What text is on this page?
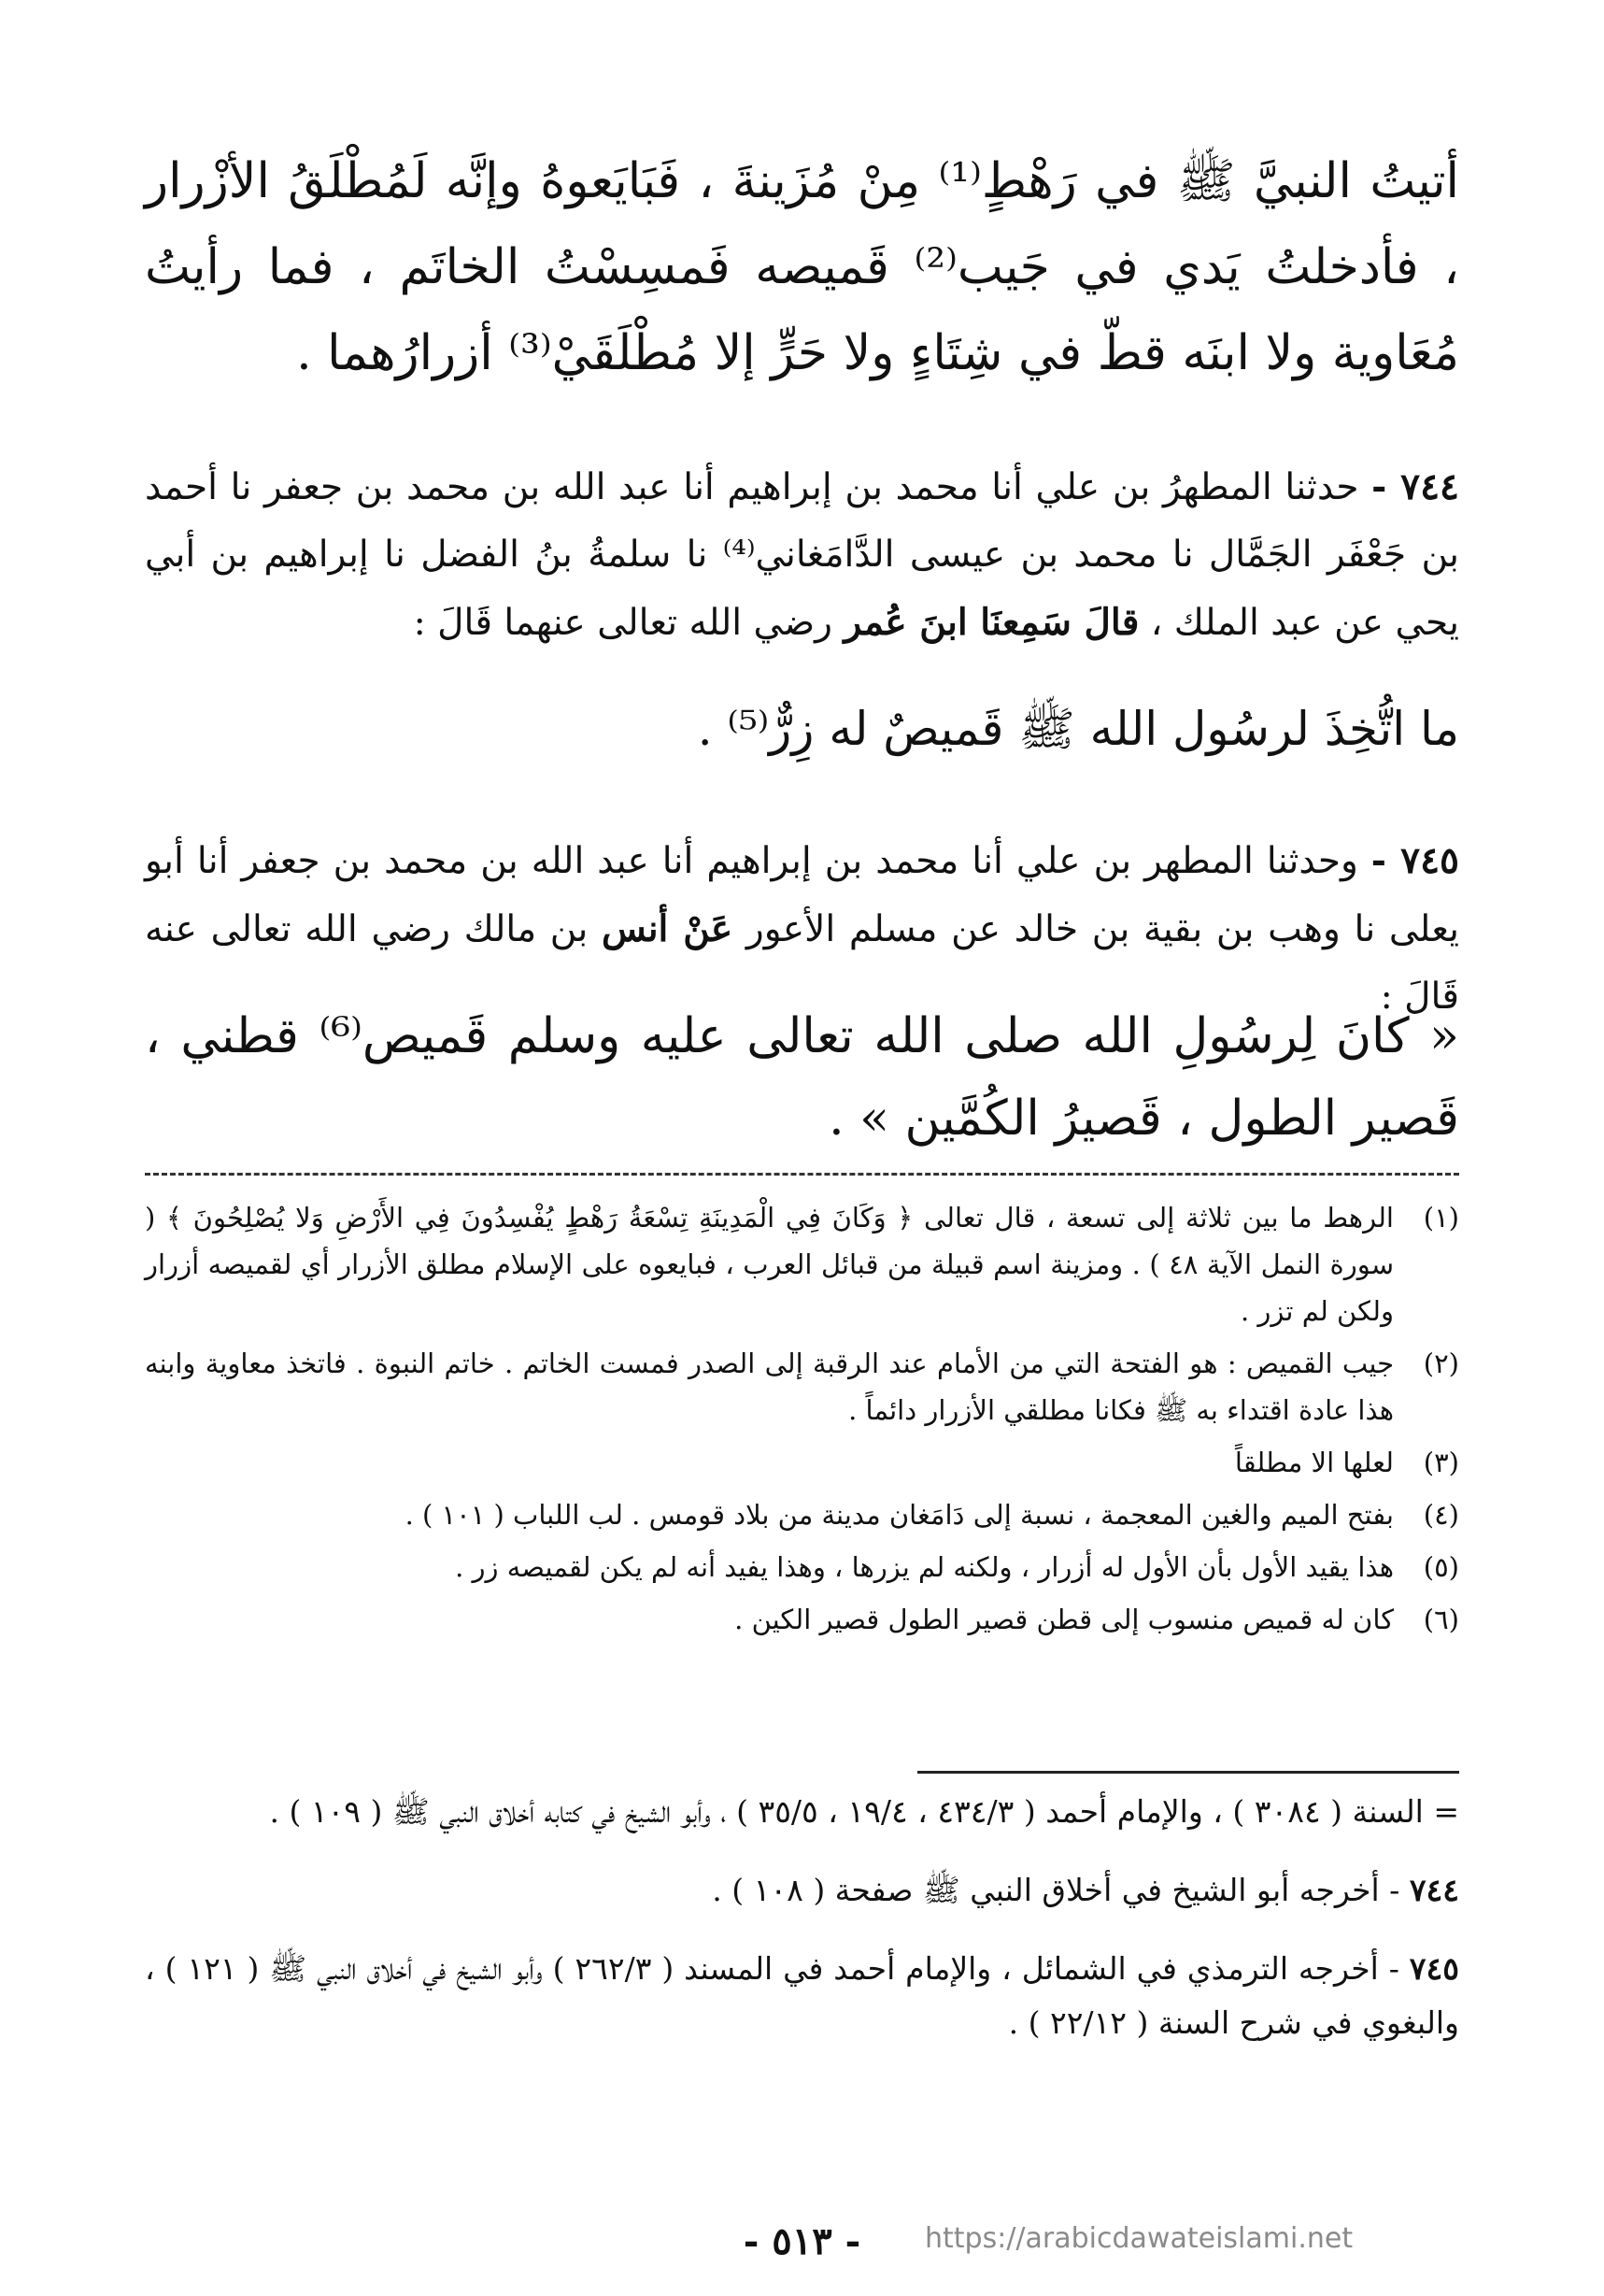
أتيتُ النبيَّ ﷺ في رَهْطٍ⁽¹⁾ مِنْ مُزَينةَ ، فَبَايَعوهُ وإنَّه لَمُطْلَقُ الأزْرار ، فأدخلتُ يَدي في جَيب⁽²⁾ قَميصه فَمسِسْتُ الخاتَم ، فما رأيتُ مُعَاوية ولا ابنَه قطّ في شِتَاءٍ ولا حَرٍّ إلا مُطْلَقَيْ⁽³⁾ أزرارُهما .
٧٤٤ - حدثنا المطهرُ بن علي أنا محمد بن إبراهيم أنا عبد الله بن محمد بن جعفر نا أحمد بن جَعْفَر الجَمَّال نا محمد بن عيسى الدَّامَغاني⁽⁴⁾ نا سلمةُ بنُ الفضل نا إبراهيم بن أبي يحي عن عبد الملك ، قالَ سَمِعنَا ابنَ عُمر رضي الله تعالى عنهما قَالَ :
ما اتُّخِذَ لرسُول الله ﷺ قَميصٌ له زِرٌّ⁽⁵⁾ .
٧٤٥ - وحدثنا المطهر بن علي أنا محمد بن إبراهيم أنا عبد الله بن محمد بن جعفر أنا أبو يعلى نا وهب بن بقية بن خالد عن مسلم الأعور عَنْ أنس بن مالك رضي الله تعالى عنه قَالَ :
« كانَ لِرسُولِ الله صلى الله تعالى عليه وسلم قَميص⁽⁶⁾ قطني ، قَصير الطول ، قَصيرُ الكُمَّين » .
(١)
الرهط ما بين ثلاثة إلى تسعة ، قال تعالى ﴿ وَكَانَ فِي الْمَدِينَةِ تِسْعَةُ رَهْطٍ يُفْسِدُونَ فِي الأَرْضِ وَلا يُصْلِحُونَ ﴾ ( سورة النمل الآية ٤٨ ) . ومزينة اسم قبيلة من قبائل العرب ، فبايعوه على الإسلام مطلق الأزرار أي لقميصه أزرار ولكن لم تزر .
(٢)
جيب القميص : هو الفتحة التي من الأمام عند الرقبة إلى الصدر فمست الخاتم . خاتم النبوة . فاتخذ معاوية وابنه هذا عادة اقتداء به ﷺ فكانا مطلقي الأزرار دائماً .
(٣)
لعلها الا مطلقاً
(٤)
بفتح الميم والغين المعجمة ، نسبة إلى دَامَغان مدينة من بلاد قومس . لب اللباب ( ١٠١ ) .
(٥)
هذا يقيد الأول بأن الأول له أزرار ، ولكنه لم يزرها ، وهذا يفيد أنه لم يكن لقميصه زر .
(٦)
كان له قميص منسوب إلى قطن قصير الطول قصير الكين .
= السنة ( ٣٠٨٤ ) ، والإمام أحمد ( ٤٣٤/٣ ، ١٩/٤ ، ٣٥/٥ ) ، وأبو الشيخ في كتابه أخلاق النبي ﷺ ( ١٠٩ ) .
٧٤٤ - أخرجه أبو الشيخ في أخلاق النبي ﷺ صفحة ( ١٠٨ ) .
٧٤٥ - أخرجه الترمذي في الشمائل ، والإمام أحمد في المسند ( ٢٦٢/٣ ) وأبو الشيخ في أخلاق النبي ﷺ ( ١٢١ ) ، والبغوي في شرح السنة ( ٢٢/١٢ ) .
- ٥١٣ -	https://arabicdawateislami.net
